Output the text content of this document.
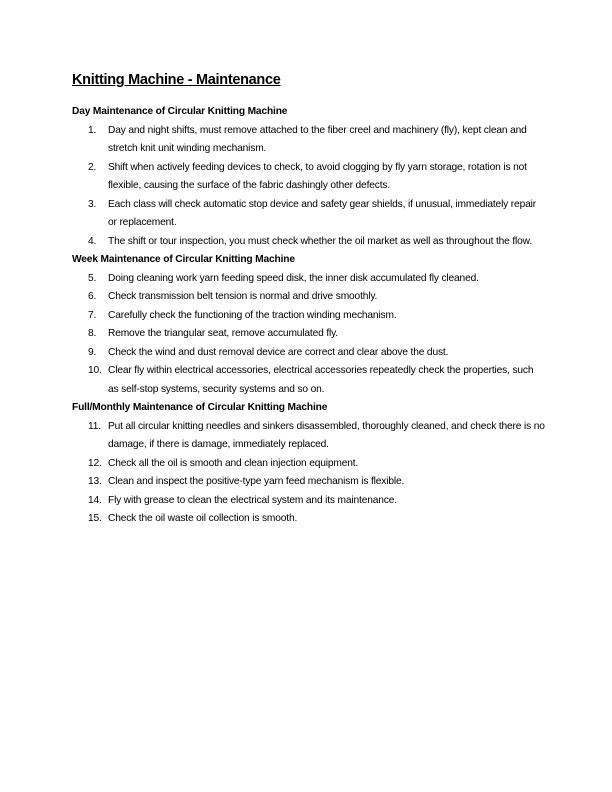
Knitting Machine - Maintenance
Day Maintenance of Circular Knitting Machine
1.	Day and night shifts, must remove attached to the fiber creel and machinery (fly), kept clean and stretch knit unit winding mechanism.
2.	Shift when actively feeding devices to check, to avoid clogging by fly yarn storage, rotation is not flexible, causing the surface of the fabric dashingly other defects.
3.	Each class will check automatic stop device and safety gear shields, if unusual, immediately repair or replacement.
4.	The shift or tour inspection, you must check whether the oil market as well as throughout the flow.
Week Maintenance of Circular Knitting Machine
5.	Doing cleaning work yarn feeding speed disk, the inner disk accumulated fly cleaned.
6.	Check transmission belt tension is normal and drive smoothly.
7.	Carefully check the functioning of the traction winding mechanism.
8.	Remove the triangular seat, remove accumulated fly.
9.	Check the wind and dust removal device are correct and clear above the dust.
10. Clear fly within electrical accessories, electrical accessories repeatedly check the properties, such as self-stop systems, security systems and so on.
Full/Monthly Maintenance of Circular Knitting Machine
11. Put all circular knitting needles and sinkers disassembled, thoroughly cleaned, and check there is no damage, if there is damage, immediately replaced.
12. Check all the oil is smooth and clean injection equipment.
13. Clean and inspect the positive-type yarn feed mechanism is flexible.
14. Fly with grease to clean the electrical system and its maintenance.
15. Check the oil waste oil collection is smooth.
